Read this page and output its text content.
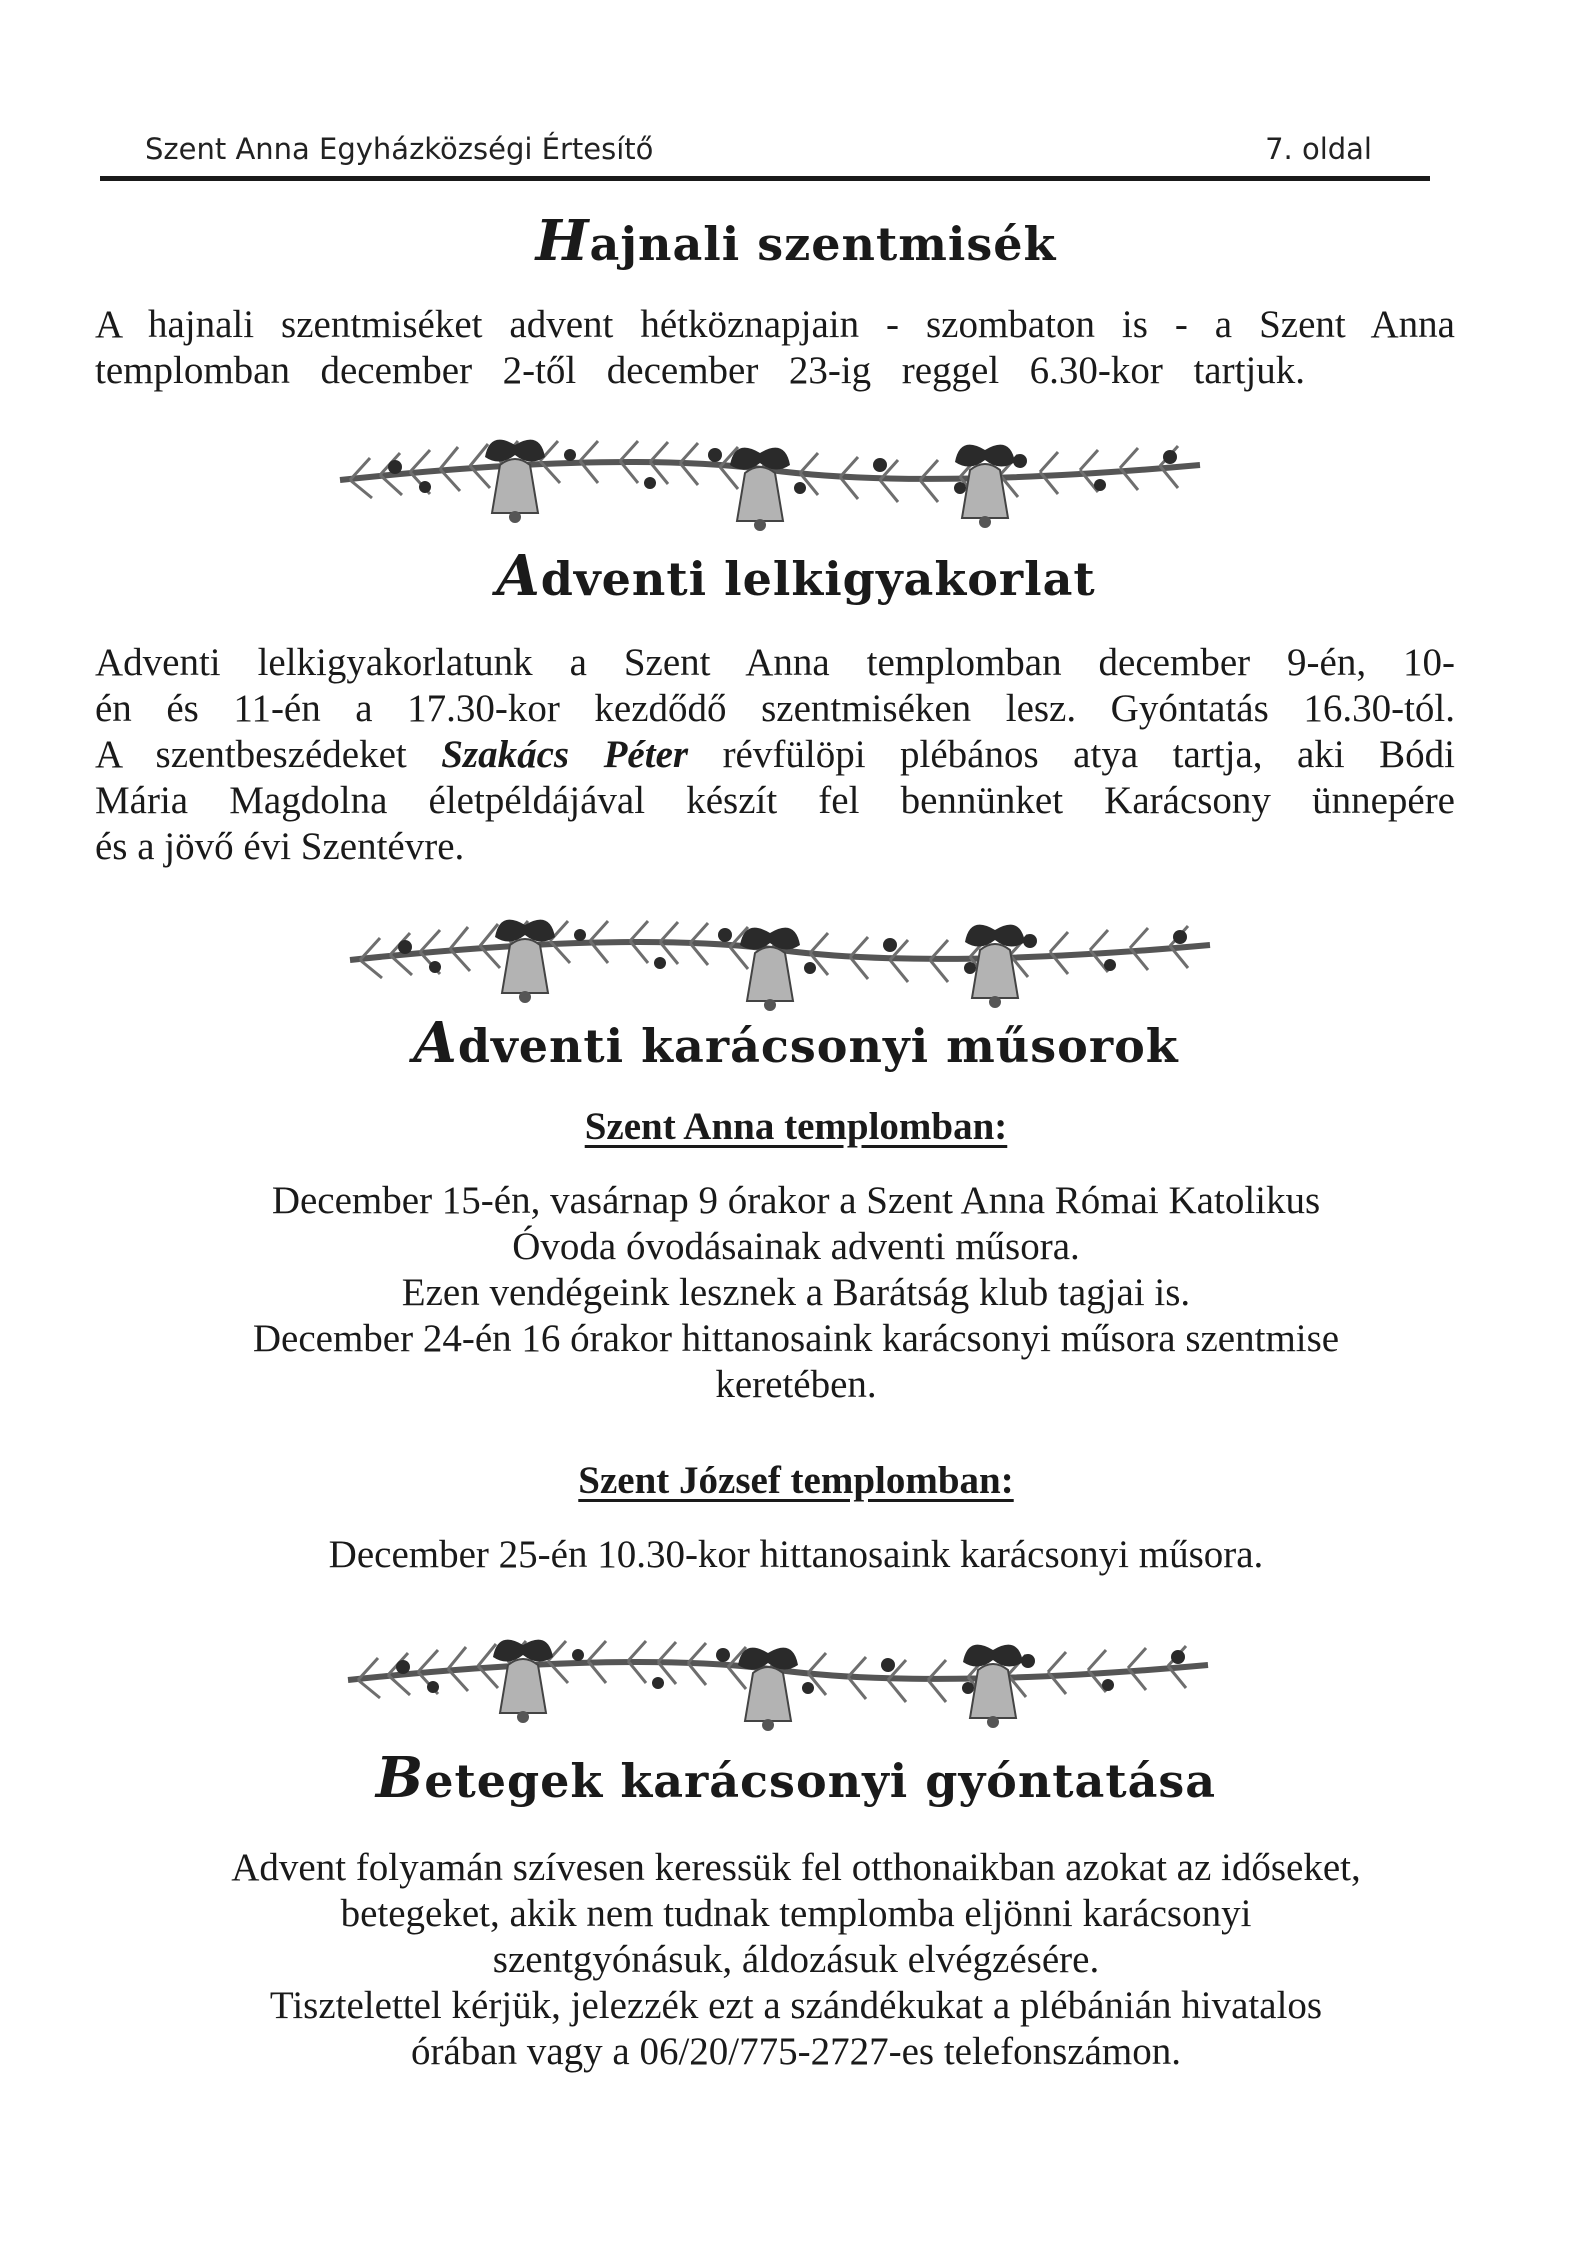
Szent Anna Egyházközségi Értesítő	7. oldal
Hajnali szentmisék

A hajnali szentmiséket advent hétköznapjain - szombaton is - a Szent Anna
templomban december 2-től december 23-ig reggel 6.30-kor tartjuk.

Adventi lelkigyakorlat

Adventi lelkigyakorlatunk a Szent Anna templomban december 9-én, 10-
én és 11-én a 17.30-kor kezdődő szentmiséken lesz. Gyóntatás 16.30-tól.
A szentbeszédeket Szakács Péter révfülöpi plébános atya tartja, aki Bódi
Mária Magdolna életpéldájával készít fel bennünket Karácsony ünnepére
és a jövő évi Szentévre.

Adventi karácsonyi műsorok
Szent Anna templomban:

December 15-én, vasárnap 9 órakor a Szent Anna Római Katolikus
Óvoda óvodásainak adventi műsora.
Ezen vendégeink lesznek a Barátság klub tagjai is.
December 24-én 16 órakor hittanosaink karácsonyi műsora szentmise
keretében.

Szent József templomban:

December 25-én 10.30-kor hittanosaink karácsonyi műsora.

Betegek karácsonyi gyóntatása

Advent folyamán szívesen keressük fel otthonaikban azokat az időseket,
betegeket, akik nem tudnak templomba eljönni karácsonyi
szentgyónásuk, áldozásuk elvégzésére.
Tisztelettel kérjük, jelezzék ezt a szándékukat a plébánián hivatalos
órában vagy a 06/20/775-2727-es telefonszámon.
